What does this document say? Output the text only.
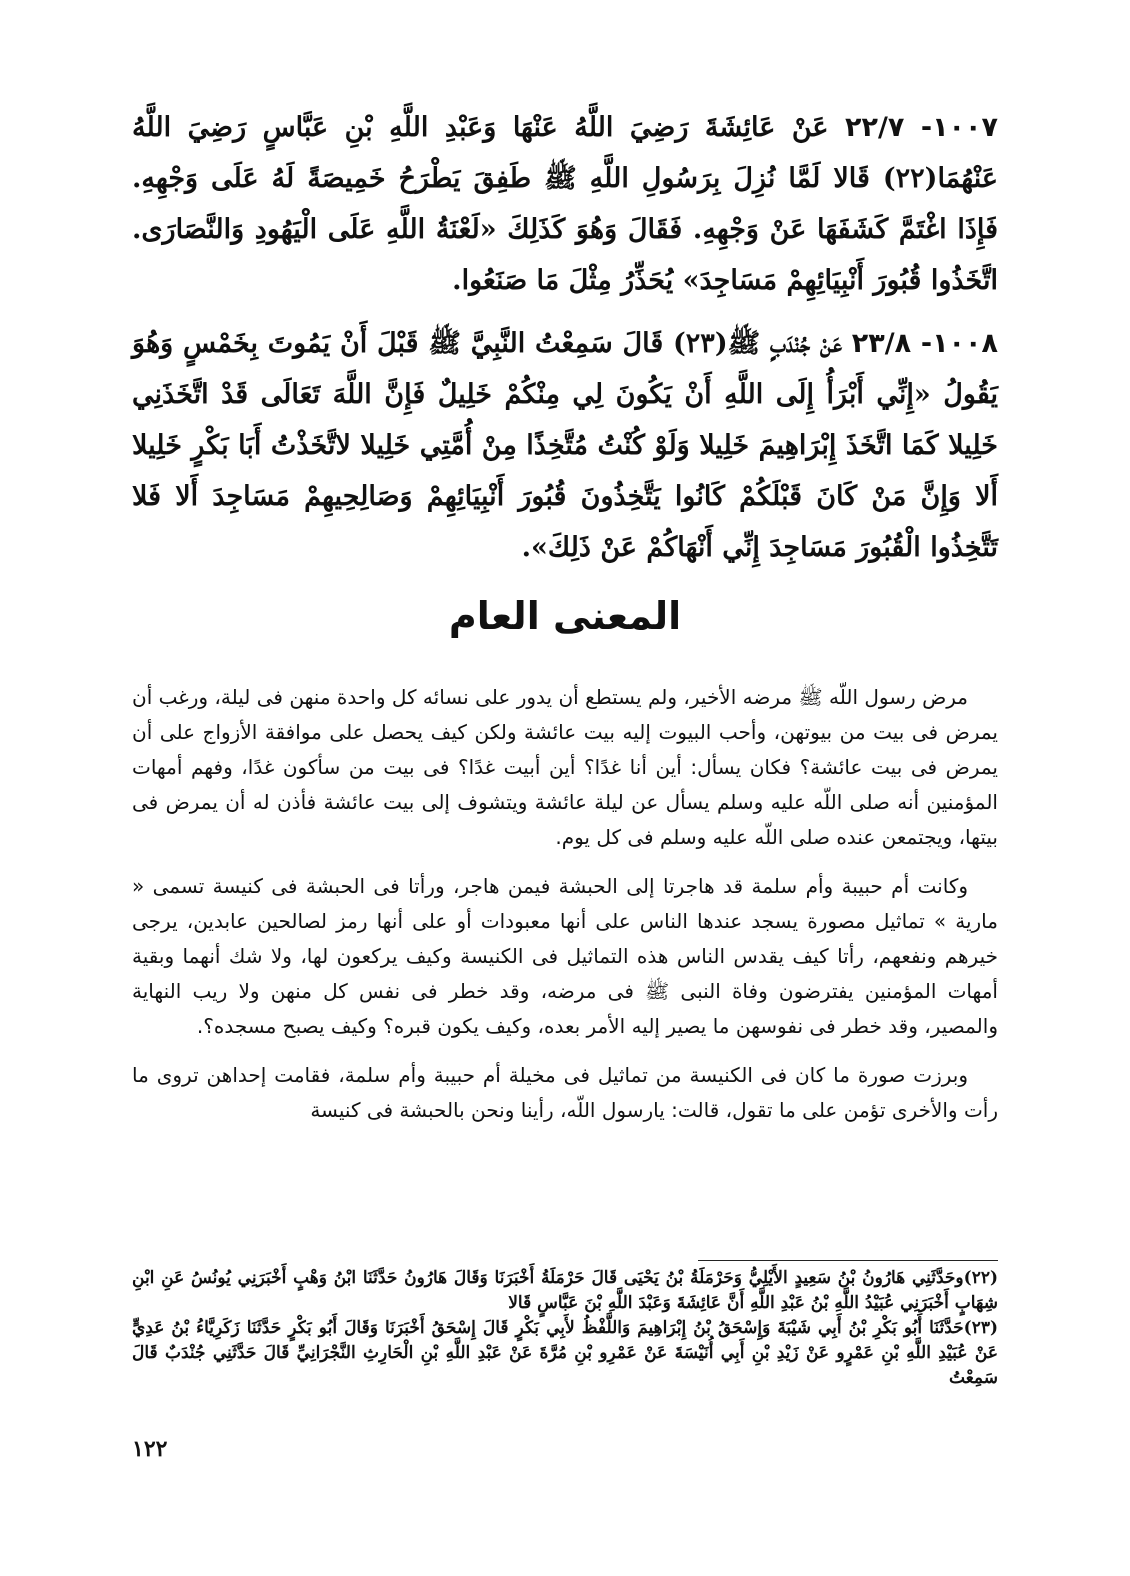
١٠٠٧- ٢٢/٧ عَنْ عَائِشَةَ رَضِيَ اللَّهُ عَنْهَا وَعَبْدِ اللَّهِ بْنِ عَبَّاسٍ رَضِيَ اللَّهُ عَنْهُمَا(٢٢) قَالا لَمَّا نُزِلَ بِرَسُولِ اللَّهِ ﷺ طَفِقَ يَطْرَحُ خَمِيصَةً لَهُ عَلَى وَجْهِهِ. فَإِذَا اغْتَمَّ كَشَفَهَا عَنْ وَجْهِهِ. فَقَالَ وَهُوَ كَذَلِكَ «لَعْنَةُ اللَّهِ عَلَى الْيَهُودِ وَالنَّصَارَى. اتَّخَذُوا قُبُورَ أَنْبِيَائِهِمْ مَسَاجِدَ» يُحَذِّرُ مِثْلَ مَا صَنَعُوا.

١٠٠٨- ٢٣/٨ عَنْ جُنْدَبٍ ﷺ(٢٣) قَالَ سَمِعْتُ النَّبِيَّ ﷺ قَبْلَ أَنْ يَمُوتَ بِخَمْسٍ وَهُوَ يَقُولُ «إِنِّي أَبْرَأُ إِلَى اللَّهِ أَنْ يَكُونَ لِي مِنْكُمْ خَلِيلٌ فَإِنَّ اللَّهَ تَعَالَى قَدْ اتَّخَذَنِي خَلِيلا كَمَا اتَّخَذَ إِبْرَاهِيمَ خَلِيلا وَلَوْ كُنْتُ مُتَّخِذًا مِنْ أُمَّتِي خَلِيلا لاتَّخَذْتُ أَبَا بَكْرٍ خَلِيلا أَلا وَإِنَّ مَنْ كَانَ قَبْلَكُمْ كَانُوا يَتَّخِذُونَ قُبُورَ أَنْبِيَائِهِمْ وَصَالِحِيهِمْ مَسَاجِدَ أَلا فَلا تَتَّخِذُوا الْقُبُورَ مَسَاجِدَ إِنِّي أَنْهَاكُمْ عَنْ ذَلِكَ».

المعنى العام

مرض رسول اللّه ﷺ مرضه الأخير، ولم يستطع أن يدور على نسائه كل واحدة منهن فى ليلة، ورغب أن يمرض فى بيت من بيوتهن، وأحب البيوت إليه بيت عائشة ولكن كيف يحصل على موافقة الأزواج على أن يمرض فى بيت عائشة؟ فكان يسأل: أين أنا غدًا؟ أين أبيت غدًا؟ فى بيت من سأكون غدًا، وفهم أمهات المؤمنين أنه صلى اللّه عليه وسلم يسأل عن ليلة عائشة ويتشوف إلى بيت عائشة فأذن له أن يمرض فى بيتها، ويجتمعن عنده صلى اللّه عليه وسلم فى كل يوم.

وكانت أم حبيبة وأم سلمة قد هاجرتا إلى الحبشة فيمن هاجر، ورأتا فى الحبشة فى كنيسة تسمى « مارية » تماثيل مصورة يسجد عندها الناس على أنها معبودات أو على أنها رمز لصالحين عابدين، يرجى خيرهم ونفعهم، رأتا كيف يقدس الناس هذه التماثيل فى الكنيسة وكيف يركعون لها، ولا شك أنهما وبقية أمهات المؤمنين يفترضون وفاة النبى ﷺ فى مرضه، وقد خطر فى نفس كل منهن ولا ريب النهاية والمصير، وقد خطر فى نفوسهن ما يصير إليه الأمر بعده، وكيف يكون قبره؟ وكيف يصبح مسجده؟.

وبرزت صورة ما كان فى الكنيسة من تماثيل فى مخيلة أم حبيبة وأم سلمة، فقامت إحداهن تروى ما رأت والأخرى تؤمن على ما تقول، قالت: يارسول اللّه، رأينا ونحن بالحبشة فى كنيسة

(٢٢)وحَدَّثَنِي هَارُونُ بْنُ سَعِيدٍ الأَيْلِيُّ وَحَرْمَلَةُ بْنُ يَحْيَى قَالَ حَرْمَلَةُ أَخْبَرَنَا وَقَالَ هَارُونُ حَدَّثَنَا ابْنُ وَهْبٍ أَخْبَرَنِي يُونُسُ عَنِ ابْنِ شِهَابٍ أَخْبَرَنِي عُبَيْدُ اللَّهِ بْنُ عَبْدِ اللَّهِ أَنَّ عَائِشَةَ وَعَبْدَ اللَّهِ بْنَ عَبَّاسٍ قَالا

(٢٣)حَدَّثَنَا أَبُو بَكْرِ بْنُ أَبِي شَيْبَةَ وَإِسْحَقُ بْنُ إِبْرَاهِيمَ وَاللَّفْظُ لأَبِي بَكْرٍ قَالَ إِسْحَقُ أَخْبَرَنَا وَقَالَ أَبُو بَكْرٍ حَدَّثَنَا زَكَرِيَّاءُ بْنُ عَدِيٍّ عَنْ عُبَيْدِ اللَّهِ بْنِ عَمْرٍو عَنْ زَيْدِ بْنِ أَبِي أُنَيْسَةَ عَنْ عَمْرِو بْنِ مُرَّةَ عَنْ عَبْدِ اللَّهِ بْنِ الْحَارِثِ النَّجْرَانِيِّ قَالَ حَدَّثَنِي جُنْدَبٌ قَالَ سَمِعْتُ

١٢٢
